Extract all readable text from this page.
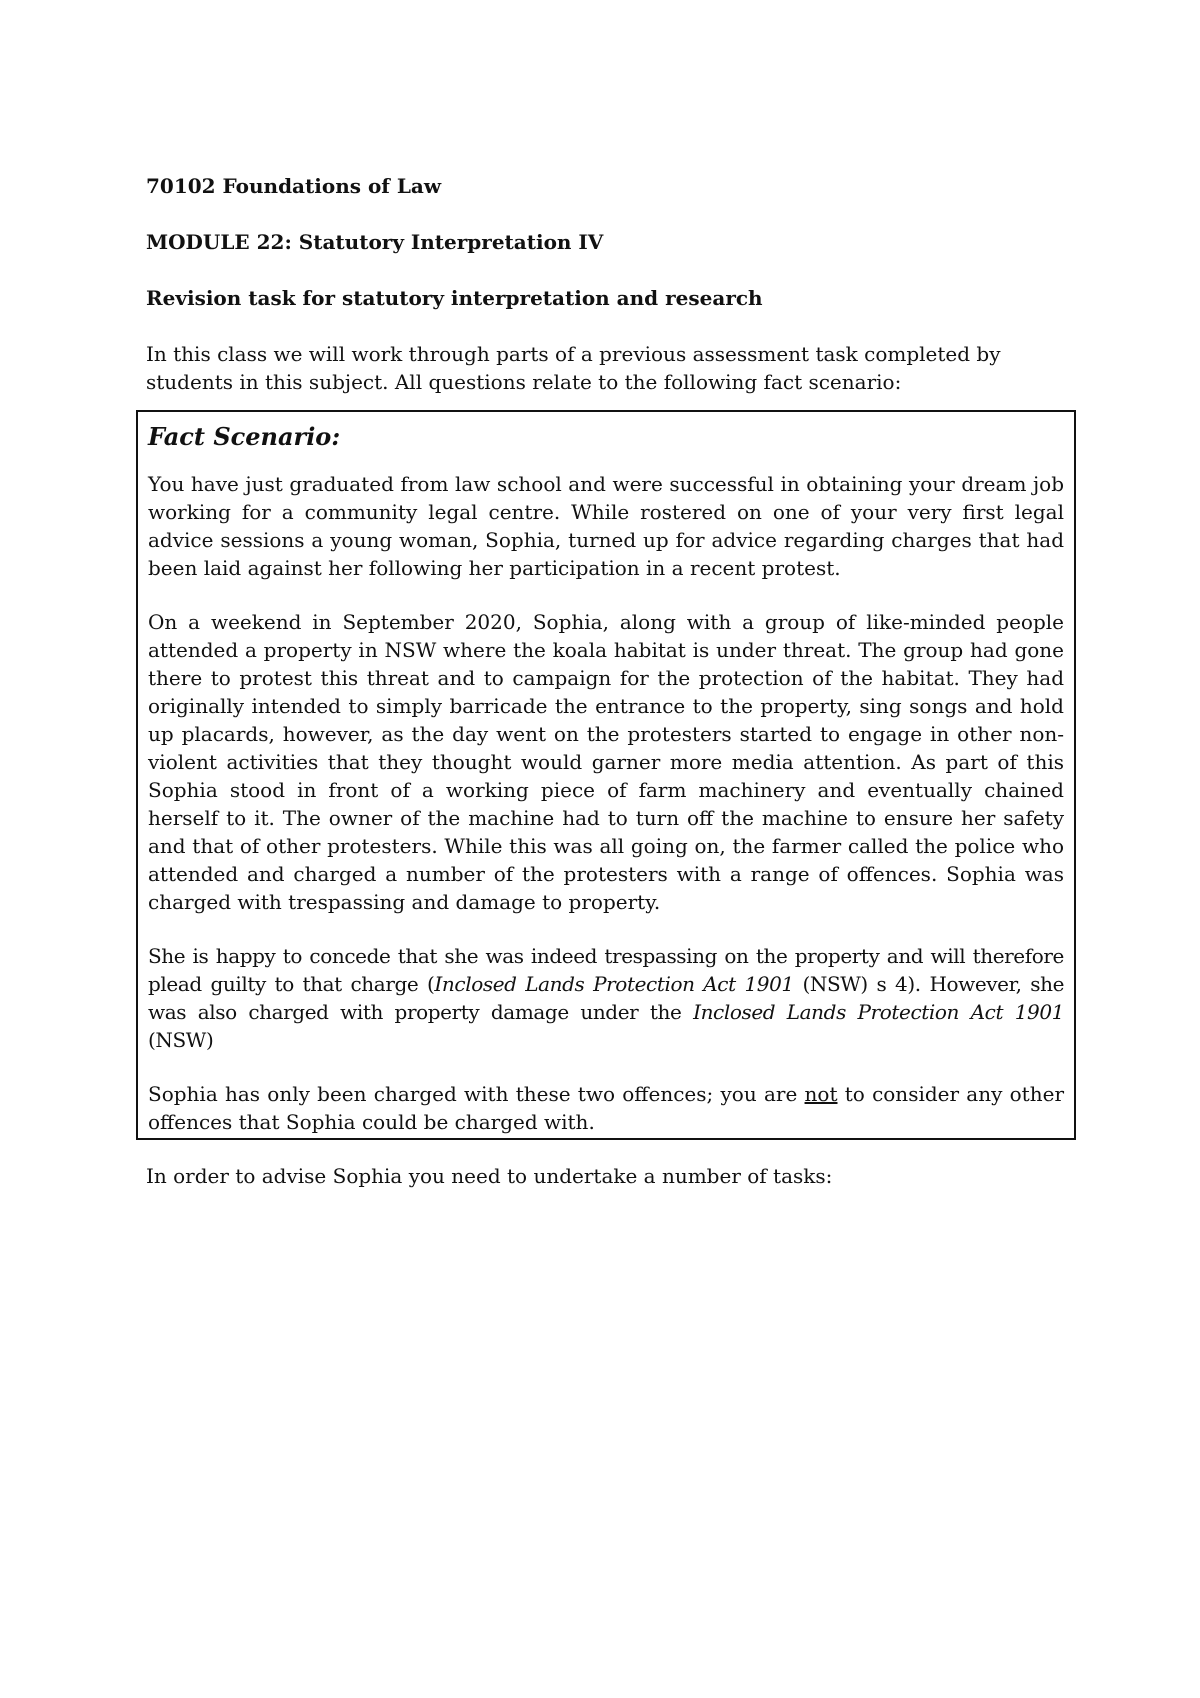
70102 Foundations of Law

MODULE 22: Statutory Interpretation IV

Revision task for statutory interpretation and research

In this class we will work through parts of a previous assessment task completed by students in this subject. All questions relate to the following fact scenario:

Fact Scenario:

You have just graduated from law school and were successful in obtaining your dream job working for a community legal centre. While rostered on one of your very first legal advice sessions a young woman, Sophia, turned up for advice regarding charges that had been laid against her following her participation in a recent protest.

On a weekend in September 2020, Sophia, along with a group of like-minded people attended a property in NSW where the koala habitat is under threat. The group had gone there to protest this threat and to campaign for the protection of the habitat. They had originally intended to simply barricade the entrance to the property, sing songs and hold up placards, however, as the day went on the protesters started to engage in other non-violent activities that they thought would garner more media attention. As part of this Sophia stood in front of a working piece of farm machinery and eventually chained herself to it. The owner of the machine had to turn off the machine to ensure her safety and that of other protesters. While this was all going on, the farmer called the police who attended and charged a number of the protesters with a range of offences. Sophia was charged with trespassing and damage to property.

She is happy to concede that she was indeed trespassing on the property and will therefore plead guilty to that charge (Inclosed Lands Protection Act 1901 (NSW) s 4). However, she was also charged with property damage under the Inclosed Lands Protection Act 1901 (NSW)

Sophia has only been charged with these two offences; you are not to consider any other offences that Sophia could be charged with.

In order to advise Sophia you need to undertake a number of tasks:
